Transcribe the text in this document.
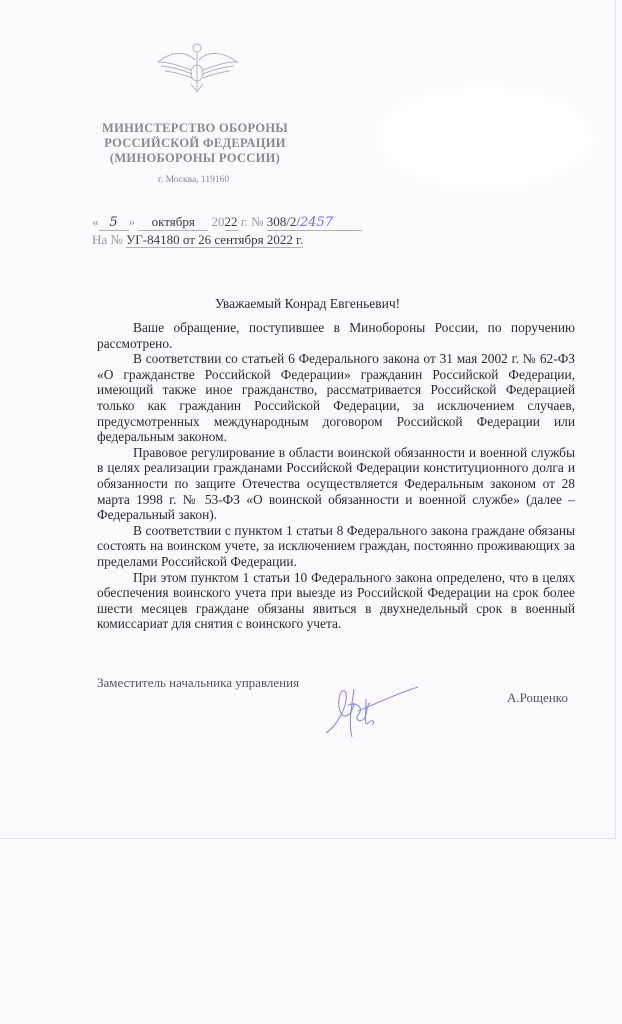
МИНИСТЕРСТВО ОБОРОНЫ
РОССИЙСКОЙ ФЕДЕРАЦИИ
(МИНОБОРОНЫ РОССИИ)
г. Москва, 119160
« 5 » октября 2022 г. № 308/2/2457
На № УГ-84180 от 26 сентября 2022 г.
Уважаемый Конрад Евгеньевич!

Ваше обращение, поступившее в Минобороны России, по поручению рассмотрено.

В соответствии со статьей 6 Федерального закона от 31 мая 2002 г. № 62-ФЗ «О гражданстве Российской Федерации» гражданин Российской Федерации, имеющий также иное гражданство, рассматривается Российской Федерацией только как гражданин Российской Федерации, за исключением случаев, предусмотренных международным договором Российской Федерации или федеральным законом.

Правовое регулирование в области воинской обязанности и военной службы в целях реализации гражданами Российской Федерации конституционного долга и обязанности по защите Отечества осуществляется Федеральным законом от 28 марта 1998 г. № 53-ФЗ «О воинской обязанности и военной службе» (далее – Федеральный закон).

В соответствии с пунктом 1 статьи 8 Федерального закона граждане обязаны состоять на воинском учете, за исключением граждан, постоянно проживающих за пределами Российской Федерации.

При этом пунктом 1 статьи 10 Федерального закона определено, что в целях обеспечения воинского учета при выезде из Российской Федерации на срок более шести месяцев граждане обязаны явиться в двухнедельный срок в военный комиссариат для снятия с воинского учета.

Заместитель начальника управления
А.Рощенко
